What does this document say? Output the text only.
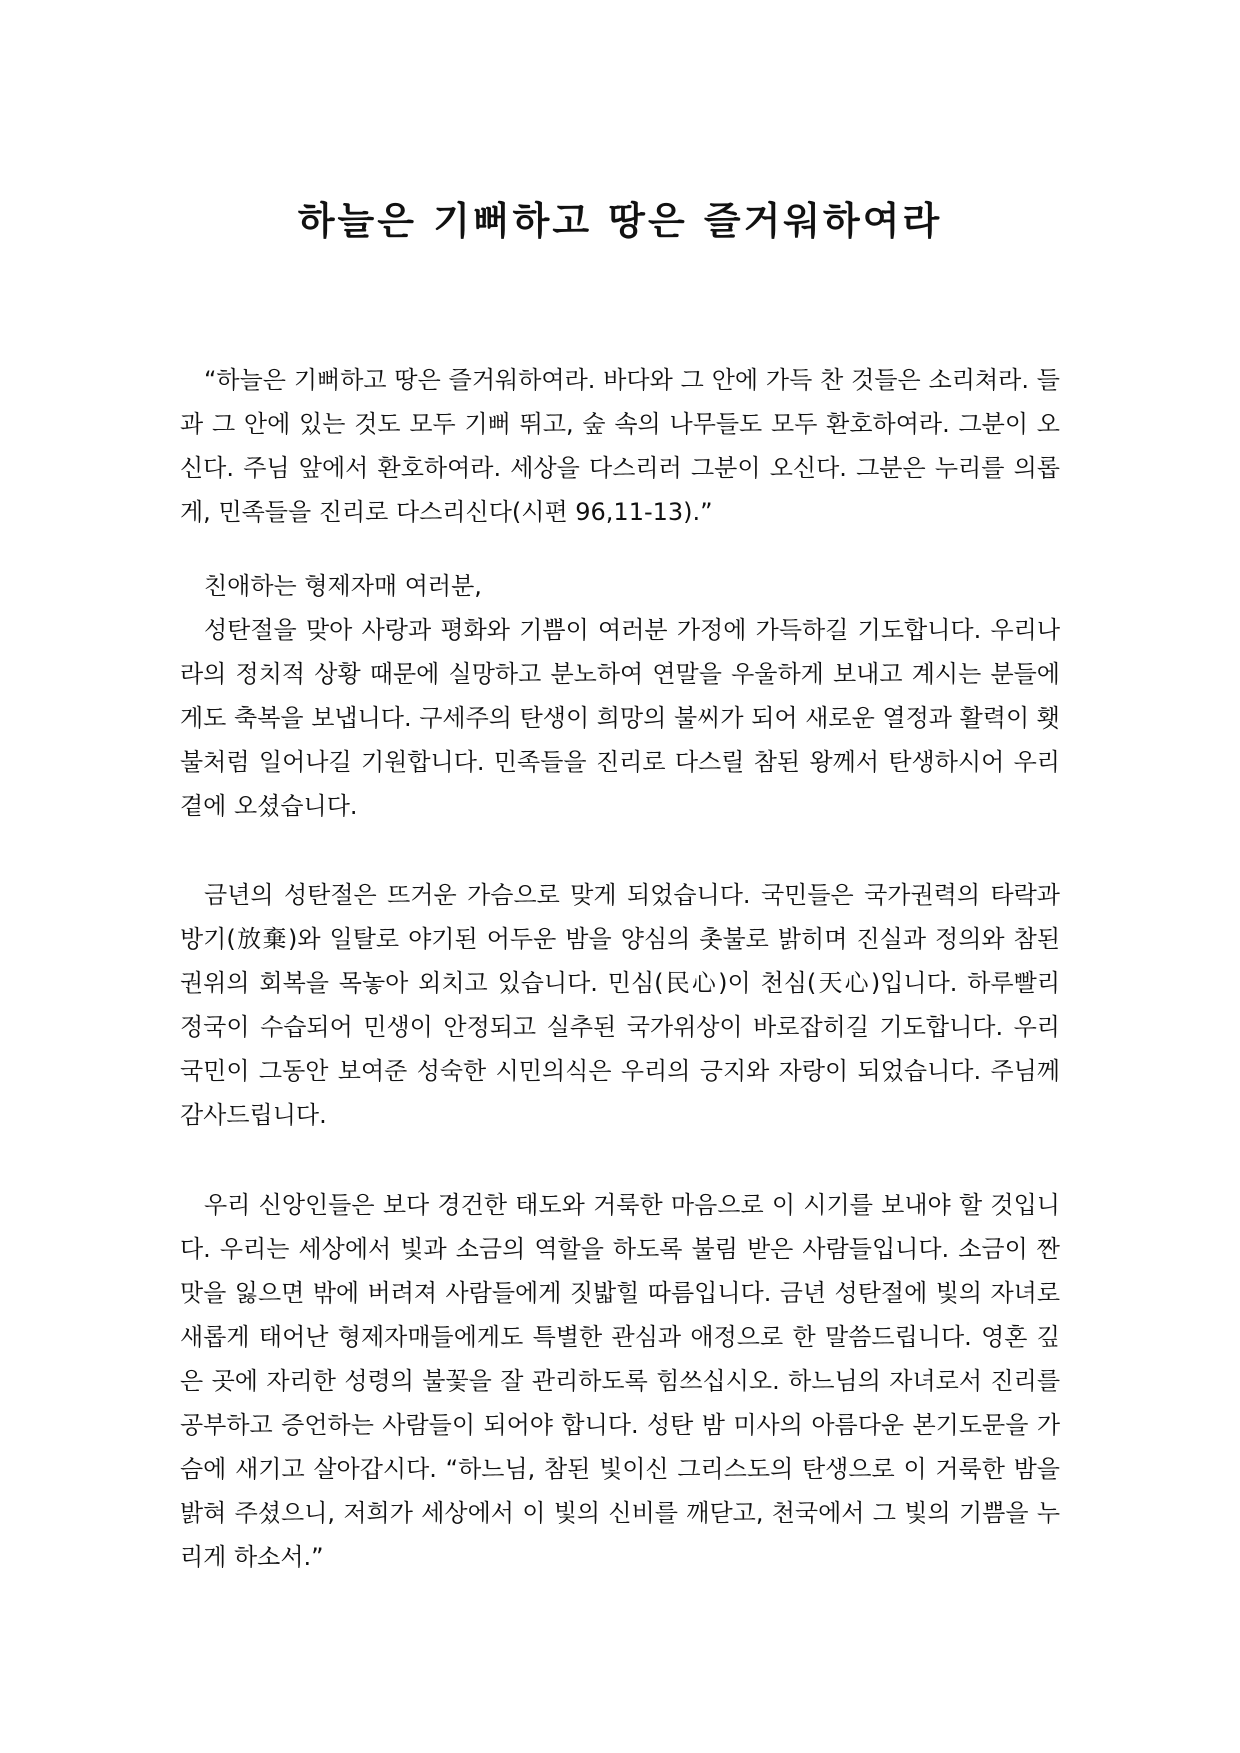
하늘은 기뻐하고 땅은 즐거워하여라

“하늘은 기뻐하고 땅은 즐거워하여라. 바다와 그 안에 가득 찬 것들은 소리쳐라. 들과 그 안에 있는 것도 모두 기뻐 뛰고, 숲 속의 나무들도 모두 환호하여라. 그분이 오신다. 주님 앞에서 환호하여라. 세상을 다스리러 그분이 오신다. 그분은 누리를 의롭게, 민족들을 진리로 다스리신다(시편 96,11-13).”

친애하는 형제자매 여러분,

성탄절을 맞아 사랑과 평화와 기쁨이 여러분 가정에 가득하길 기도합니다. 우리나라의 정치적 상황 때문에 실망하고 분노하여 연말을 우울하게 보내고 계시는 분들에게도 축복을 보냅니다. 구세주의 탄생이 희망의 불씨가 되어 새로운 열정과 활력이 횃불처럼 일어나길 기원합니다. 민족들을 진리로 다스릴 참된 왕께서 탄생하시어 우리 곁에 오셨습니다.

금년의 성탄절은 뜨거운 가슴으로 맞게 되었습니다. 국민들은 국가권력의 타락과 방기(放棄)와 일탈로 야기된 어두운 밤을 양심의 촛불로 밝히며 진실과 정의와 참된 권위의 회복을 목놓아 외치고 있습니다. 민심(民心)이 천심(天心)입니다. 하루빨리 정국이 수습되어 민생이 안정되고 실추된 국가위상이 바로잡히길 기도합니다. 우리 국민이 그동안 보여준 성숙한 시민의식은 우리의 긍지와 자랑이 되었습니다. 주님께 감사드립니다.

우리 신앙인들은 보다 경건한 태도와 거룩한 마음으로 이 시기를 보내야 할 것입니다. 우리는 세상에서 빛과 소금의 역할을 하도록 불림 받은 사람들입니다. 소금이 짠맛을 잃으면 밖에 버려져 사람들에게 짓밟힐 따름입니다. 금년 성탄절에 빛의 자녀로 새롭게 태어난 형제자매들에게도 특별한 관심과 애정으로 한 말씀드립니다. 영혼 깊은 곳에 자리한 성령의 불꽃을 잘 관리하도록 힘쓰십시오. 하느님의 자녀로서 진리를 공부하고 증언하는 사람들이 되어야 합니다. 성탄 밤 미사의 아름다운 본기도문을 가슴에 새기고 살아갑시다. “하느님, 참된 빛이신 그리스도의 탄생으로 이 거룩한 밤을 밝혀 주셨으니, 저희가 세상에서 이 빛의 신비를 깨닫고, 천국에서 그 빛의 기쁨을 누리게 하소서.”
